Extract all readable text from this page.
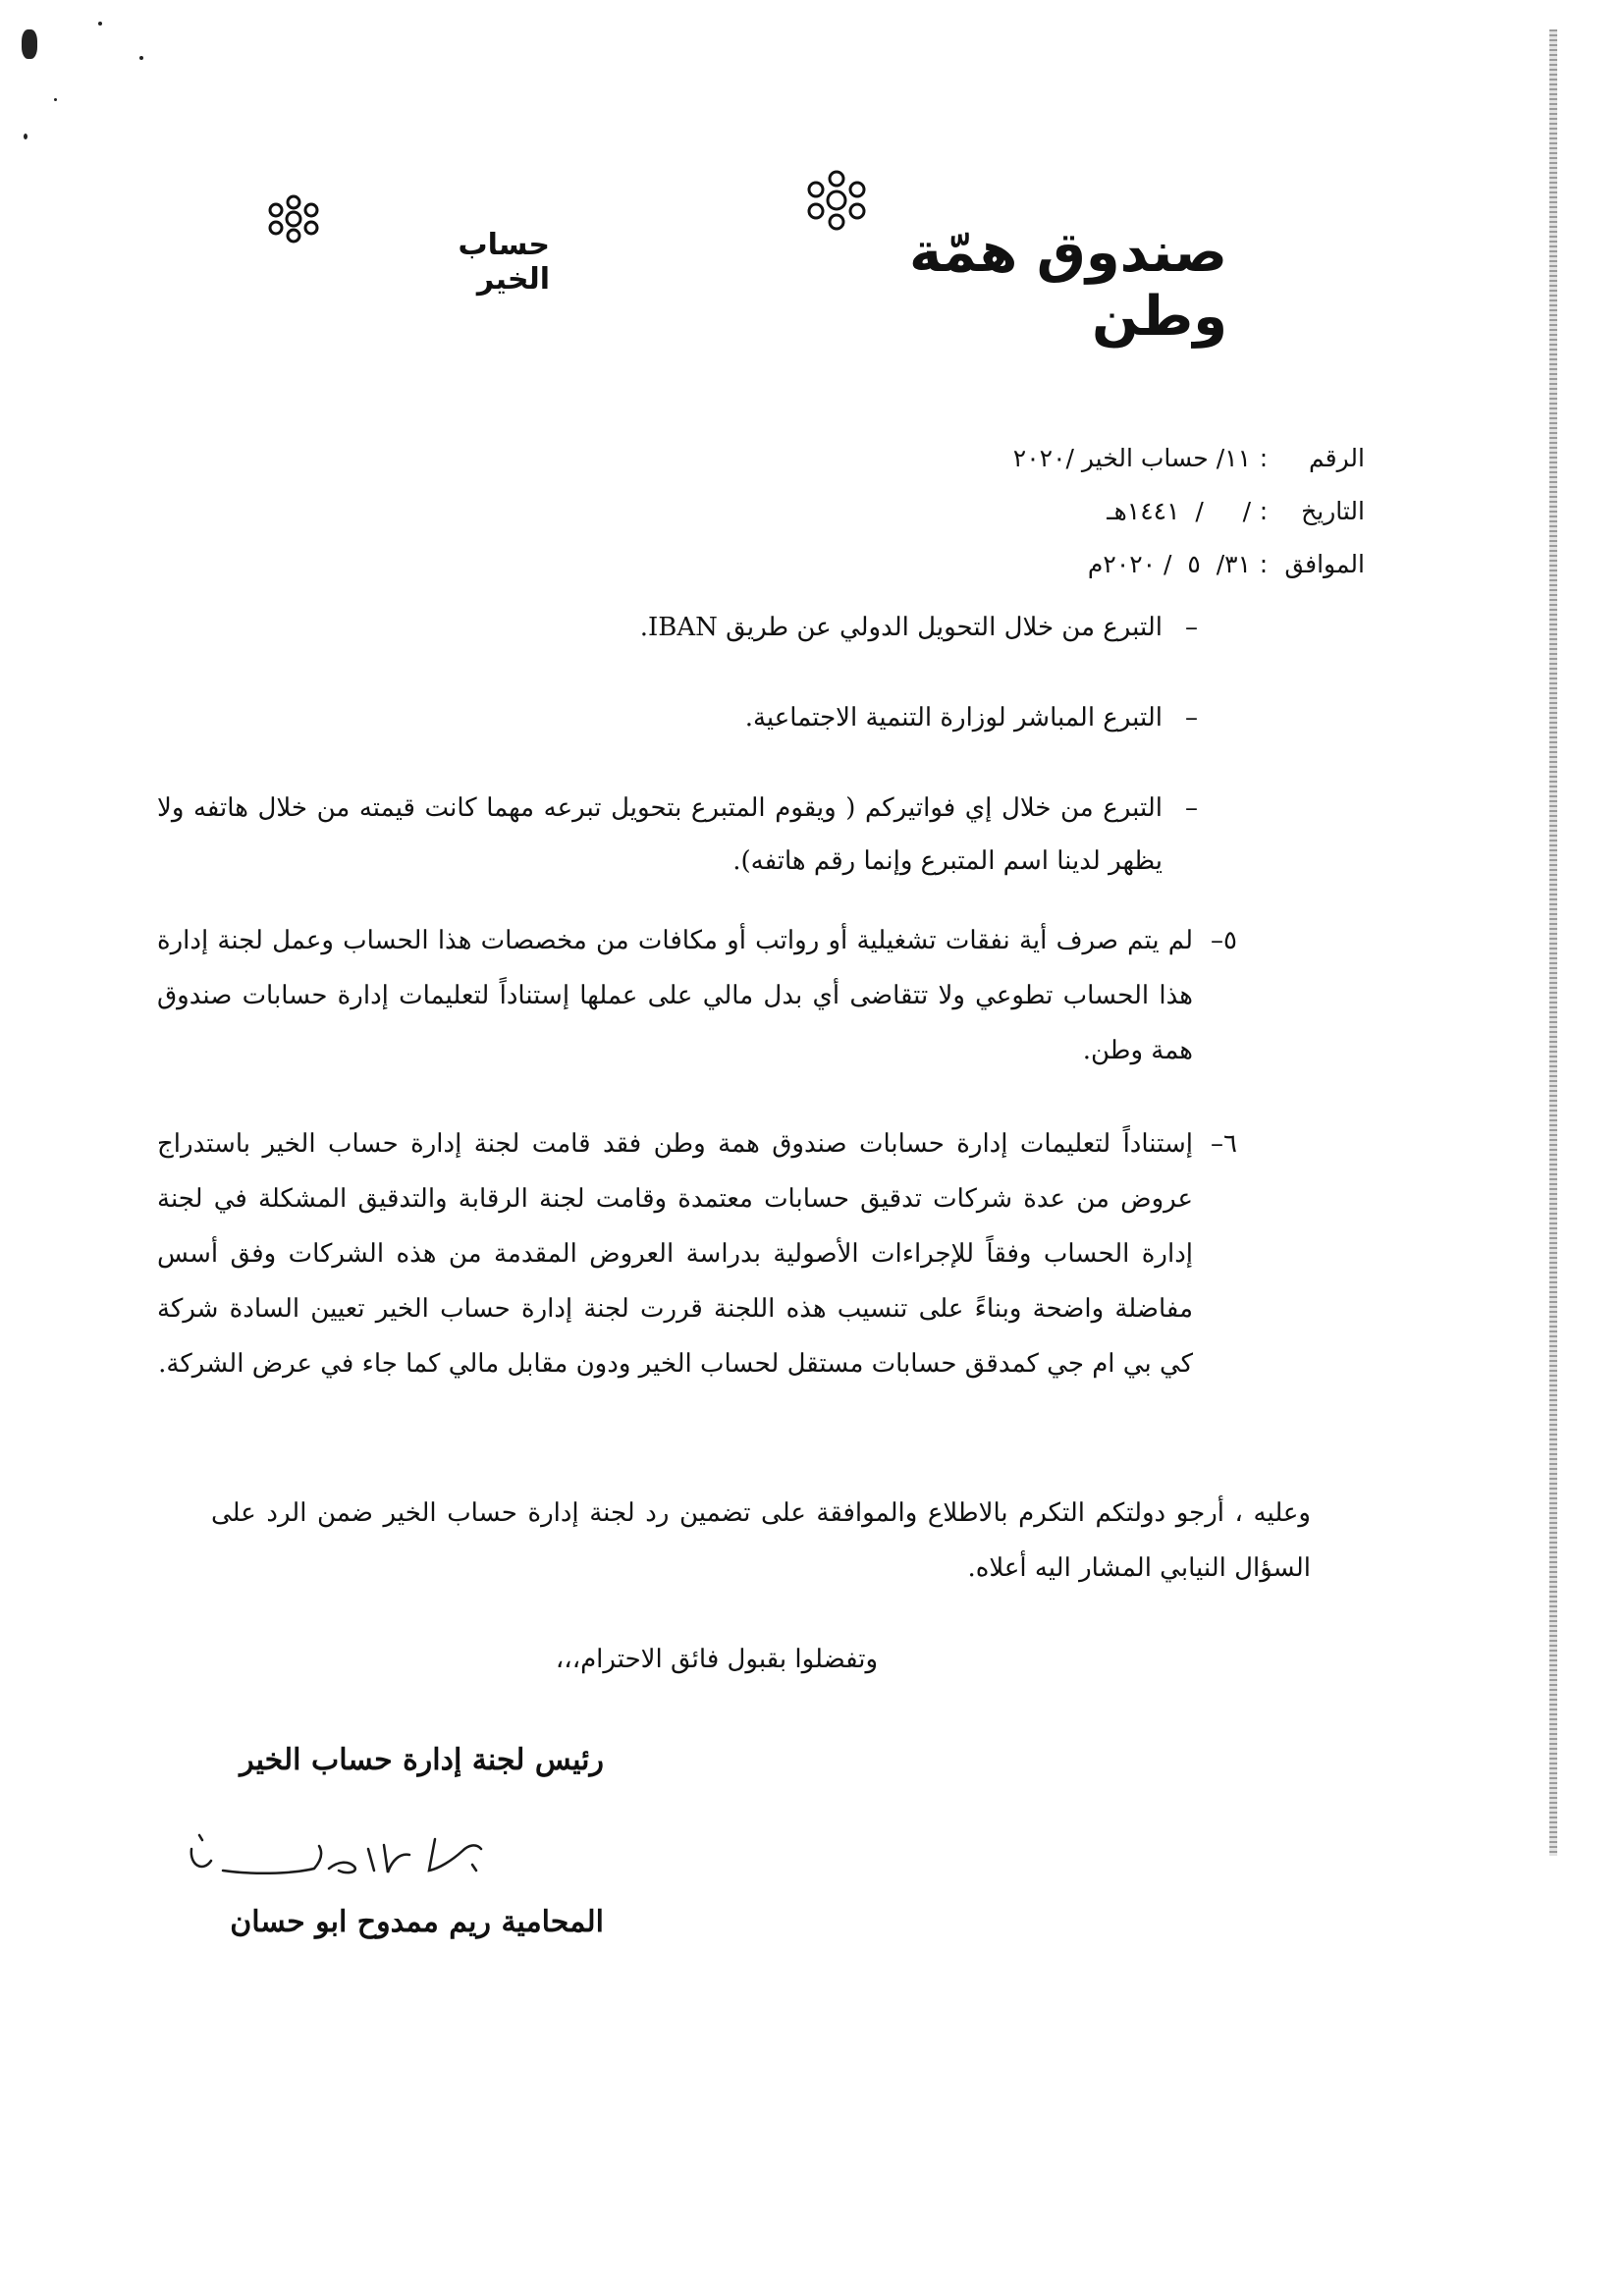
صندوق همّة وطن
حساب الخير
الرقم
:
١١/ حساب الخير /٢٠٢٠
التاريخ
:
/     /  ١٤٤١هـ
الموافق
:
٣١/  ٥  / ٢٠٢٠م
–
التبرع من خلال التحويل الدولي عن طريق IBAN.
–
التبرع المباشر لوزارة التنمية الاجتماعية.
–
التبرع من خلال إي فواتيركم ( ويقوم المتبرع بتحويل تبرعه مهما كانت قيمته من خلال هاتفه ولا يظهر لدينا اسم المتبرع وإنما رقم هاتفه).
٥–
لم يتم صرف أية نفقات تشغيلية أو رواتب أو مكافات من مخصصات هذا الحساب وعمل لجنة إدارة هذا الحساب تطوعي ولا تتقاضى أي بدل مالي على عملها إستناداً لتعليمات إدارة حسابات صندوق همة وطن.
٦–
إستناداً لتعليمات إدارة حسابات صندوق همة وطن فقد قامت لجنة إدارة حساب الخير باستدراج عروض من عدة شركات تدقيق حسابات معتمدة وقامت لجنة الرقابة والتدقيق المشكلة في لجنة إدارة الحساب وفقاً للإجراءات الأصولية بدراسة العروض المقدمة من هذه الشركات وفق أسس مفاضلة واضحة وبناءً على تنسيب هذه اللجنة قررت لجنة إدارة حساب الخير تعيين السادة شركة كي بي ام جي كمدقق حسابات مستقل لحساب الخير ودون مقابل مالي كما جاء في عرض الشركة.
وعليه ، أرجو دولتكم التكرم بالاطلاع والموافقة على تضمين رد لجنة إدارة حساب الخير ضمن الرد على السؤال النيابي المشار اليه أعلاه.
وتفضلوا بقبول فائق الاحترام،،،
رئيس لجنة إدارة حساب الخير
المحامية ريم ممدوح ابو حسان
